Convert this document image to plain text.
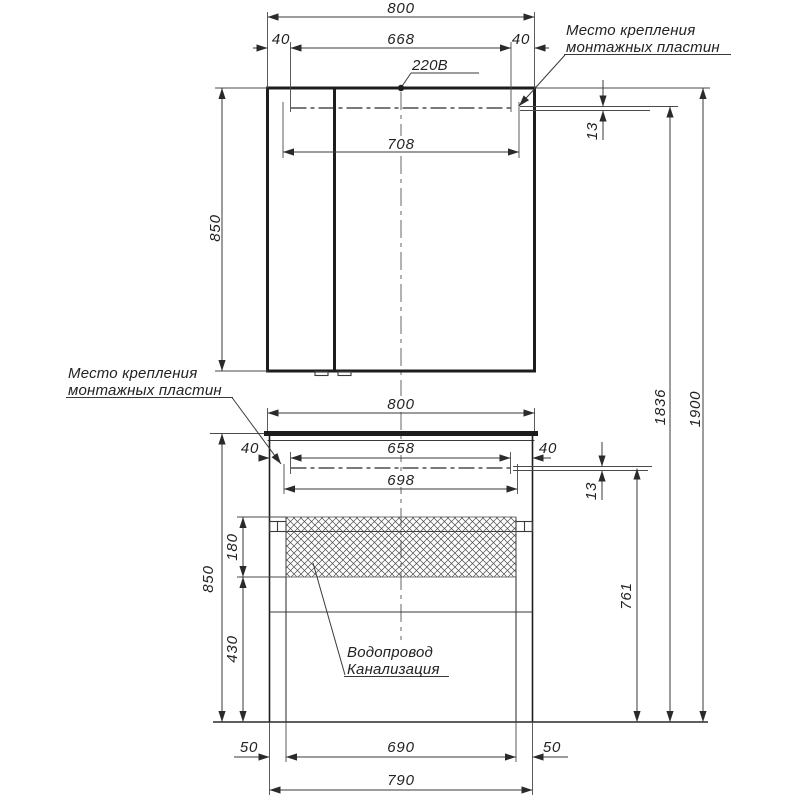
800
40	668	40
708
850
13
1836 1900
800
40	658	40
698
13
761
850
180
430
50	690	50
790
220В
Место крепления
монтажных пластин
Место крепления
монтажных пластин
Водопровод
Канализация
